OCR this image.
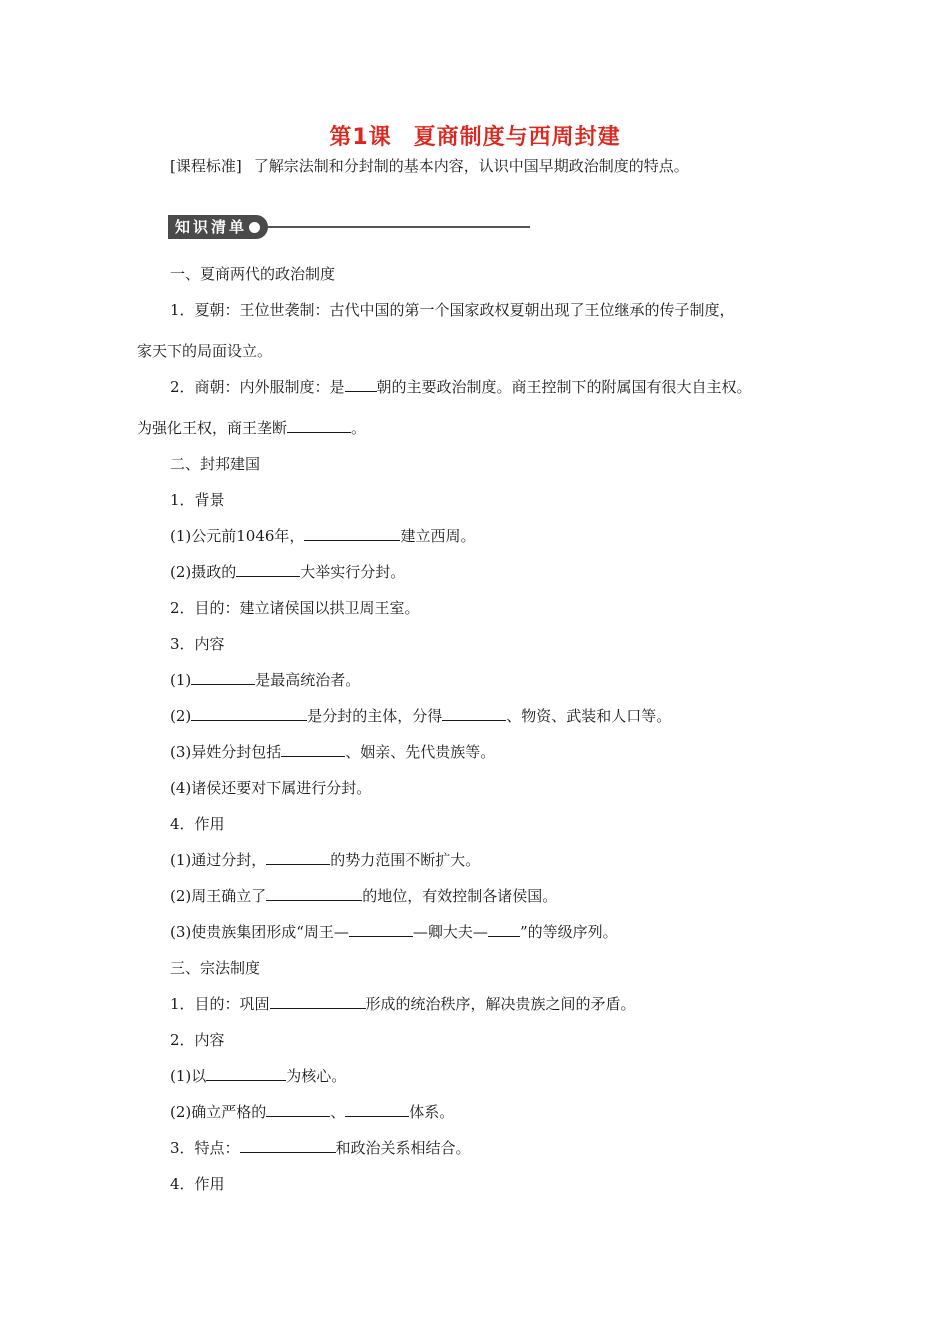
第1课 夏商制度与西周封建
[课程标准] 了解宗法制和分封制的基本内容，认识中国早期政治制度的特点。
知识清单
一、夏商两代的政治制度
1．夏朝：王位世袭制：古代中国的第一个国家政权夏朝出现了王位继承的传子制度，
家天下的局面设立。
2．商朝：内外服制度：是 朝的主要政治制度。商王控制下的附属国有很大自主权。
为强化王权，商王垄断	。
二、封邦建国
1．背景
(1)公元前1046年，	建立西周。
(2)摄政的	大举实行分封。
2．目的：建立诸侯国以拱卫周王室。
3．内容
(1)	是最高统治者。
(2)	是分封的主体，分得	、物资、武装和人口等。
(3)异姓分封包括	、姻亲、先代贵族等。
(4)诸侯还要对下属进行分封。
4．作用
(1)通过分封，	的势力范围不断扩大。
(2)周王确立了	的地位，有效控制各诸侯国。
(3)使贵族集团形成“周王—	—卿大夫— ”的等级序列。
三、宗法制度
1．目的：巩固	形成的统治秩序，解决贵族之间的矛盾。
2．内容
(1)以	为核心。
(2)确立严格的	、	体系。
3．特点：	和政治关系相结合。
4．作用
